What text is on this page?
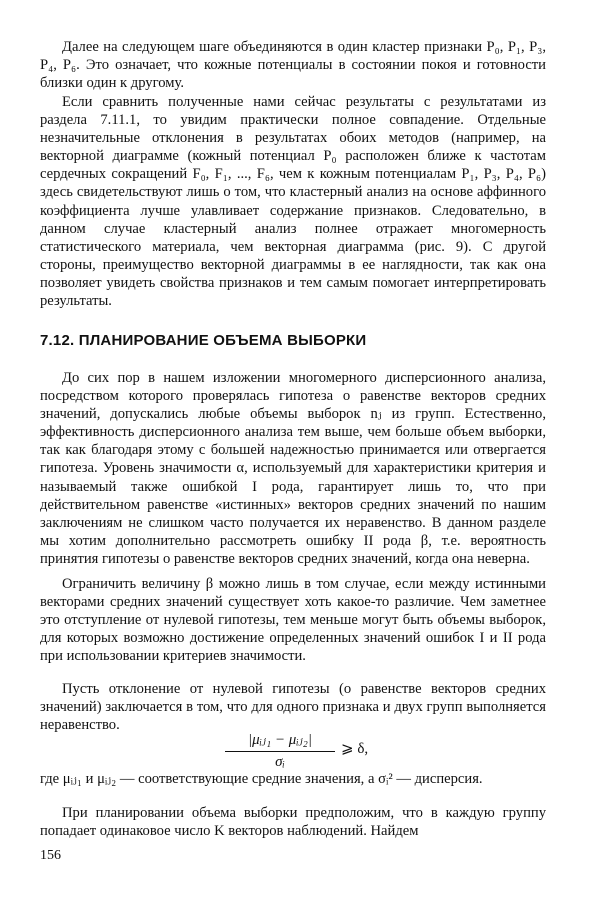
Далее на следующем шаге объединяются в один кластер признаки P₀, P₁, P₃, P₄, P₆. Это означает, что кожные потенциалы в состоянии покоя и готовности близки один к другому.

Если сравнить полученные нами сейчас результаты с результатами из раздела 7.11.1, то увидим практически полное совпадение. Отдельные незначительные отклонения в результатах обоих методов (например, на векторной диаграмме (кожный потенциал P₀ расположен ближе к частотам сердечных сокращений F₀, F₁, ..., F₆, чем к кожным потенциалам P₁, P₃, P₄, P₆) здесь свидетельствуют лишь о том, что кластерный анализ на основе аффинного коэффициента лучше улавливает содержание признаков. Следовательно, в данном случае кластерный анализ полнее отражает многомерность статистического материала, чем векторная диаграмма (рис. 9). С другой стороны, преимущество векторной диаграммы в ее наглядности, так как она позволяет увидеть свойства признаков и тем самым помогает интерпретировать результаты.

7.12. ПЛАНИРОВАНИЕ ОБЪЕМА ВЫБОРКИ

До сих пор в нашем изложении многомерного дисперсионного анализа, посредством которого проверялась гипотеза о равенстве векторов средних значений, допускались любые объемы выборок nⱼ из групп. Естественно, эффективность дисперсионного анализа тем выше, чем больше объем выборки, так как благодаря этому с большей надежностью принимается или отвергается гипотеза. Уровень значимости α, используемый для характеристики критерия и называемый также ошибкой I рода, гарантирует лишь то, что при действительном равенстве «истинных» векторов средних значений по нашим заключениям не слишком часто получается их неравенство. В данном разделе мы хотим дополнительно рассмотреть ошибку II рода β, т.е. вероятность принятия гипотезы о равенстве векторов средних значений, когда она неверна.

Ограничить величину β можно лишь в том случае, если между истинными векторами средних значений существует хоть какое-то различие. Чем заметнее это отступление от нулевой гипотезы, тем меньше могут быть объемы выборок, для которых возможно достижение определенных значений ошибок I и II рода при использовании критериев значимости.

Пусть отклонение от нулевой гипотезы (о равенстве векторов средних значений) заключается в том, что для одного признака и двух групп выполняется неравенство.

|μᵢⱼ₁ − μᵢⱼ₂|
σᵢ
⩾ δ,

где μᵢⱼ₁ и μᵢⱼ₂ — соответствующие средние значения, а σᵢ² — дисперсия.

При планировании объема выборки предположим, что в каждую группу попадает одинаковое число K векторов наблюдений. Найдем

156
